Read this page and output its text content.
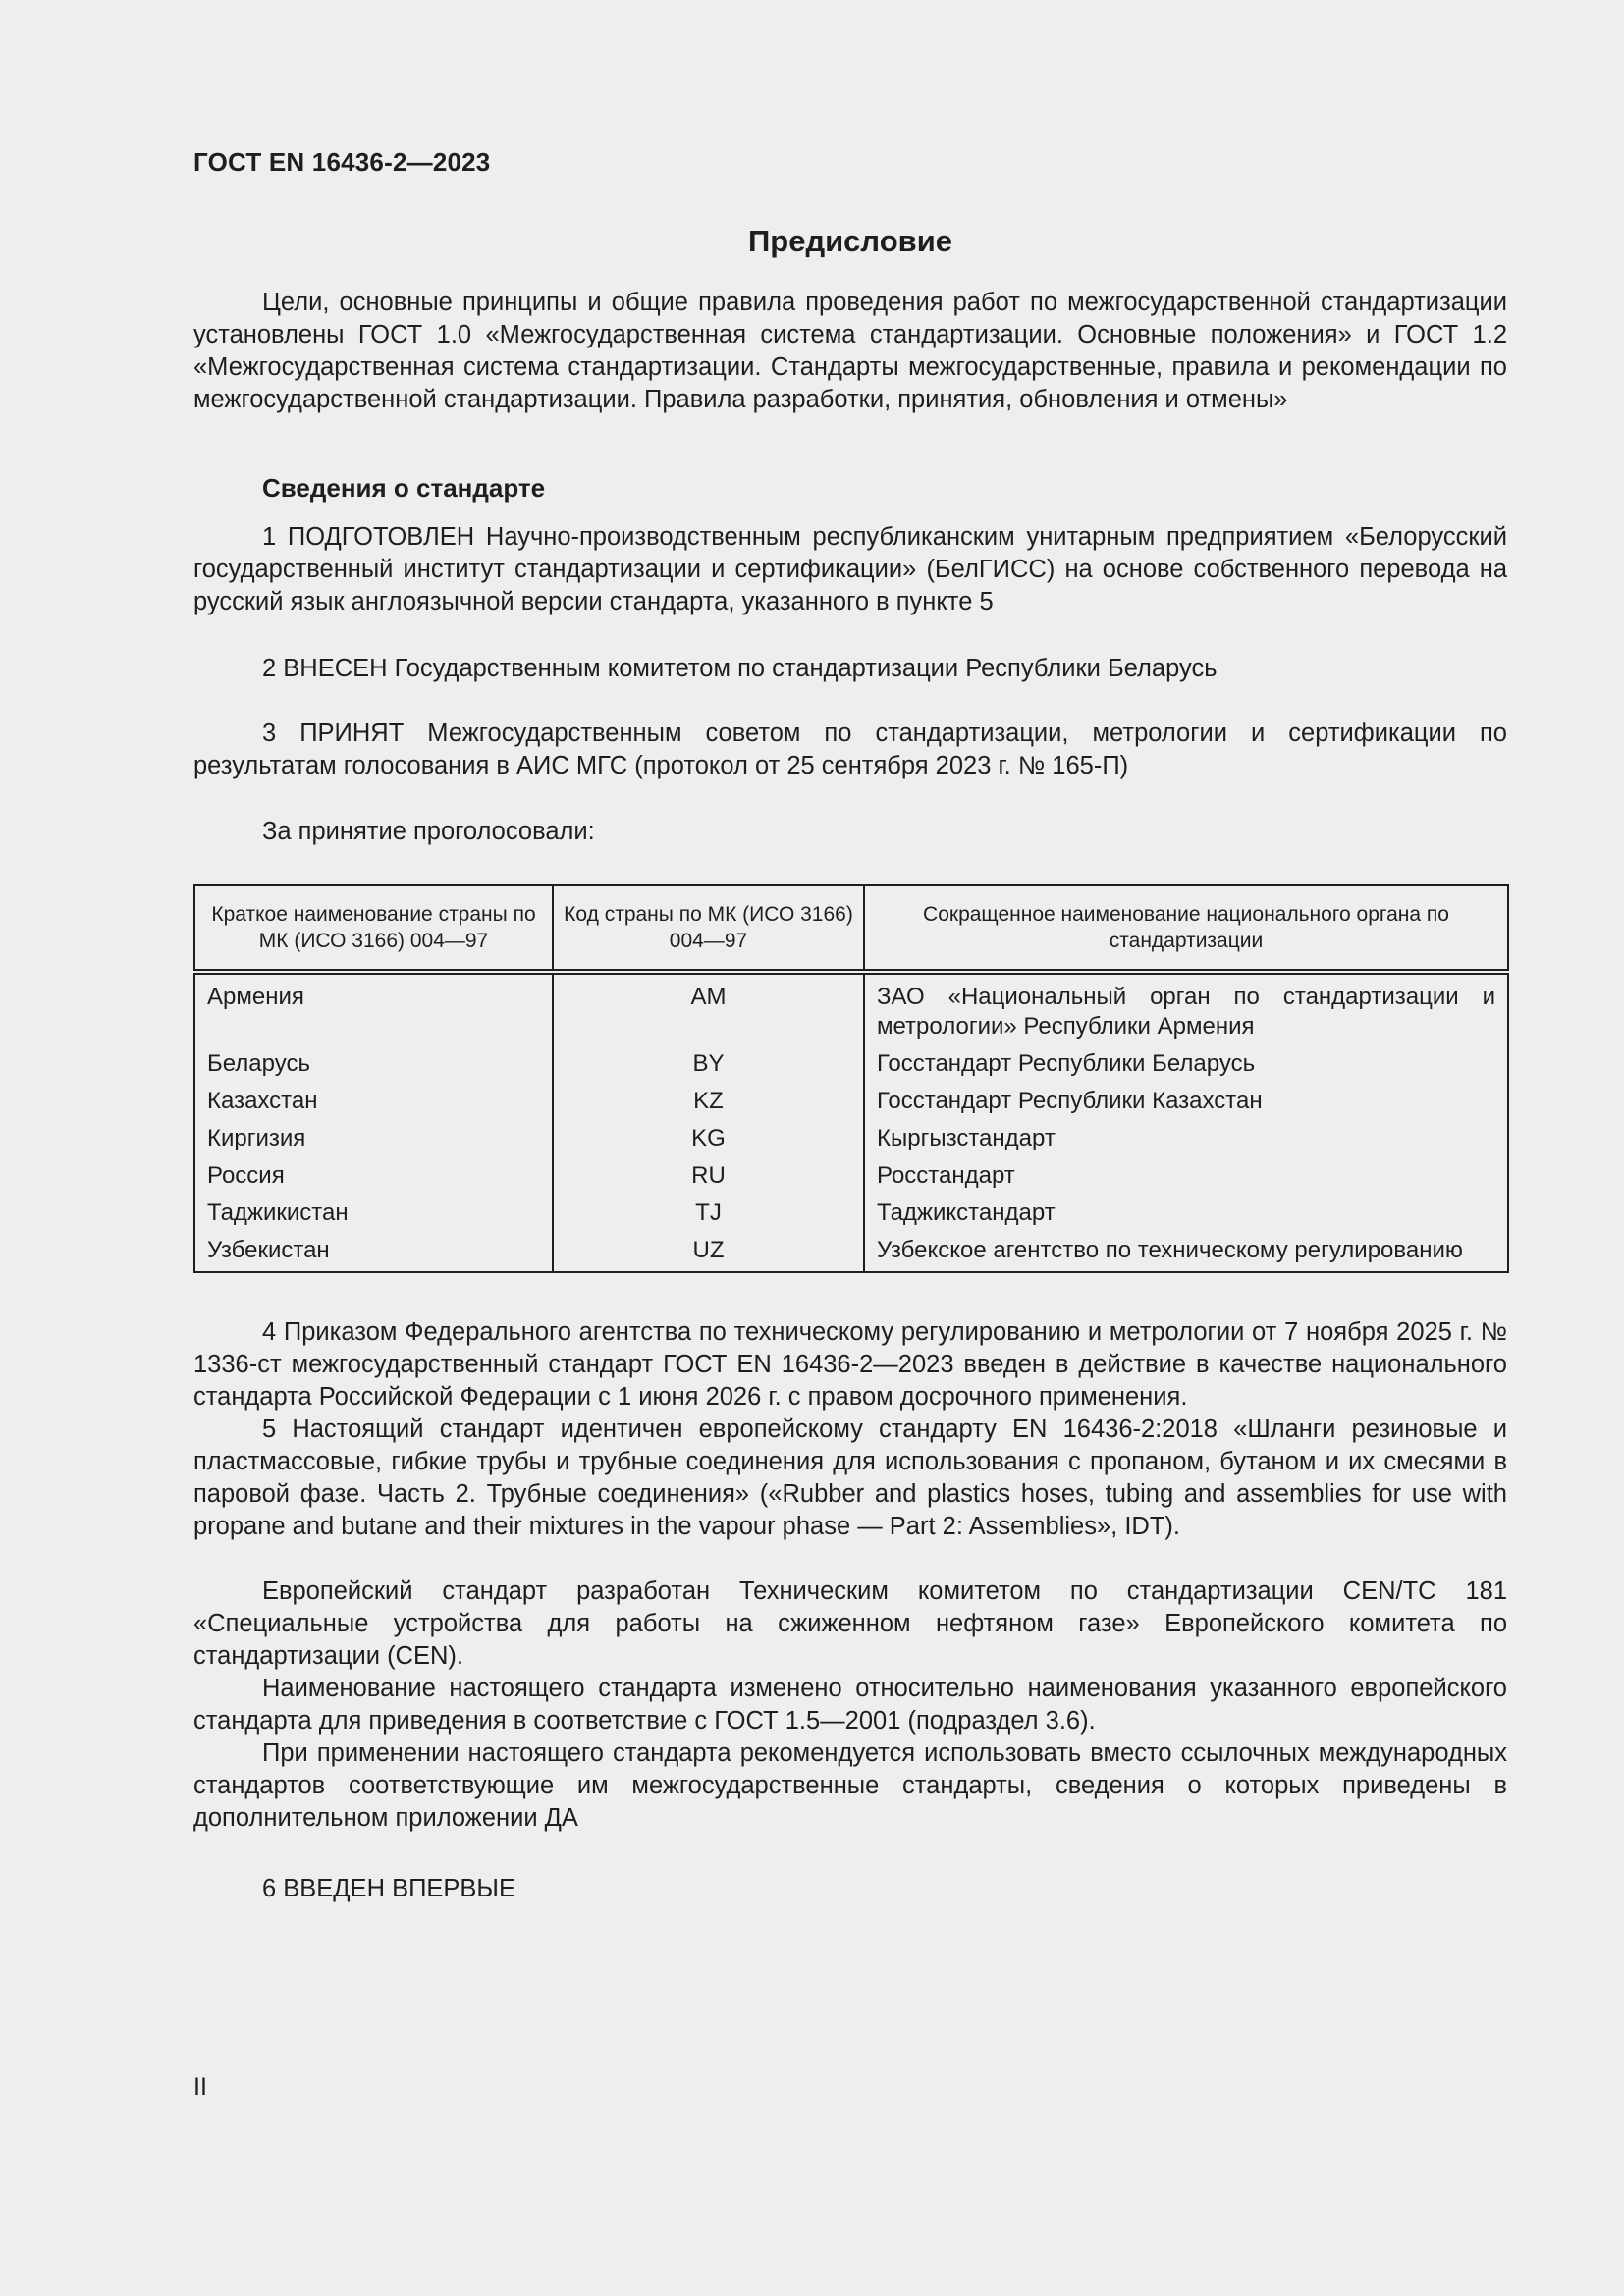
ГОСТ EN 16436-2—2023
Предисловие

Цели, основные принципы и общие правила проведения работ по межгосударственной стандартизации установлены ГОСТ 1.0 «Межгосударственная система стандартизации. Основные положения» и ГОСТ 1.2 «Межгосударственная система стандартизации. Стандарты межгосударственные, правила и рекомендации по межгосударственной стандартизации. Правила разработки, принятия, обновления и отмены»

Сведения о стандарте

1 ПОДГОТОВЛЕН Научно-производственным республиканским унитарным предприятием «Белорусский государственный институт стандартизации и сертификации» (БелГИСС) на основе собственного перевода на русский язык англоязычной версии стандарта, указанного в пункте 5

2 ВНЕСЕН Государственным комитетом по стандартизации Республики Беларусь

3 ПРИНЯТ Межгосударственным советом по стандартизации, метрологии и сертификации по результатам голосования в АИС МГС (протокол от 25 сентября 2023 г. № 165-П)

За принятие проголосовали:

Краткое наименование страны по МК (ИСО 3166) 004—97	Код страны по МК (ИСО 3166) 004—97	Сокращенное наименование национального органа по стандартизации
Армения	AM	ЗАО «Национальный орган по стандартизации и метрологии» Республики Армения
Беларусь	BY	Госстандарт Республики Беларусь
Казахстан	KZ	Госстандарт Республики Казахстан
Киргизия	KG	Кыргызстандарт
Россия	RU	Росстандарт
Таджикистан	TJ	Таджикстандарт
Узбекистан	UZ	Узбекское агентство по техническому регулированию

4 Приказом Федерального агентства по техническому регулированию и метрологии от 7 ноября 2025 г. № 1336-ст межгосударственный стандарт ГОСТ EN 16436-2—2023 введен в действие в качестве национального стандарта Российской Федерации с 1 июня 2026 г. с правом досрочного применения.

5 Настоящий стандарт идентичен европейскому стандарту EN 16436-2:2018 «Шланги резиновые и пластмассовые, гибкие трубы и трубные соединения для использования с пропаном, бутаном и их смесями в паровой фазе. Часть 2. Трубные соединения» («Rubber and plastics hoses, tubing and assemblies for use with propane and butane and their mixtures in the vapour phase — Part 2: Assemblies», IDT).

Европейский стандарт разработан Техническим комитетом по стандартизации CEN/TC 181 «Специальные устройства для работы на сжиженном нефтяном газе» Европейского комитета по стандартизации (CEN).

Наименование настоящего стандарта изменено относительно наименования указанного европейского стандарта для приведения в соответствие с ГОСТ 1.5—2001 (подраздел 3.6).

При применении настоящего стандарта рекомендуется использовать вместо ссылочных международных стандартов соответствующие им межгосударственные стандарты, сведения о которых приведены в дополнительном приложении ДА

6 ВВЕДЕН ВПЕРВЫЕ

II
